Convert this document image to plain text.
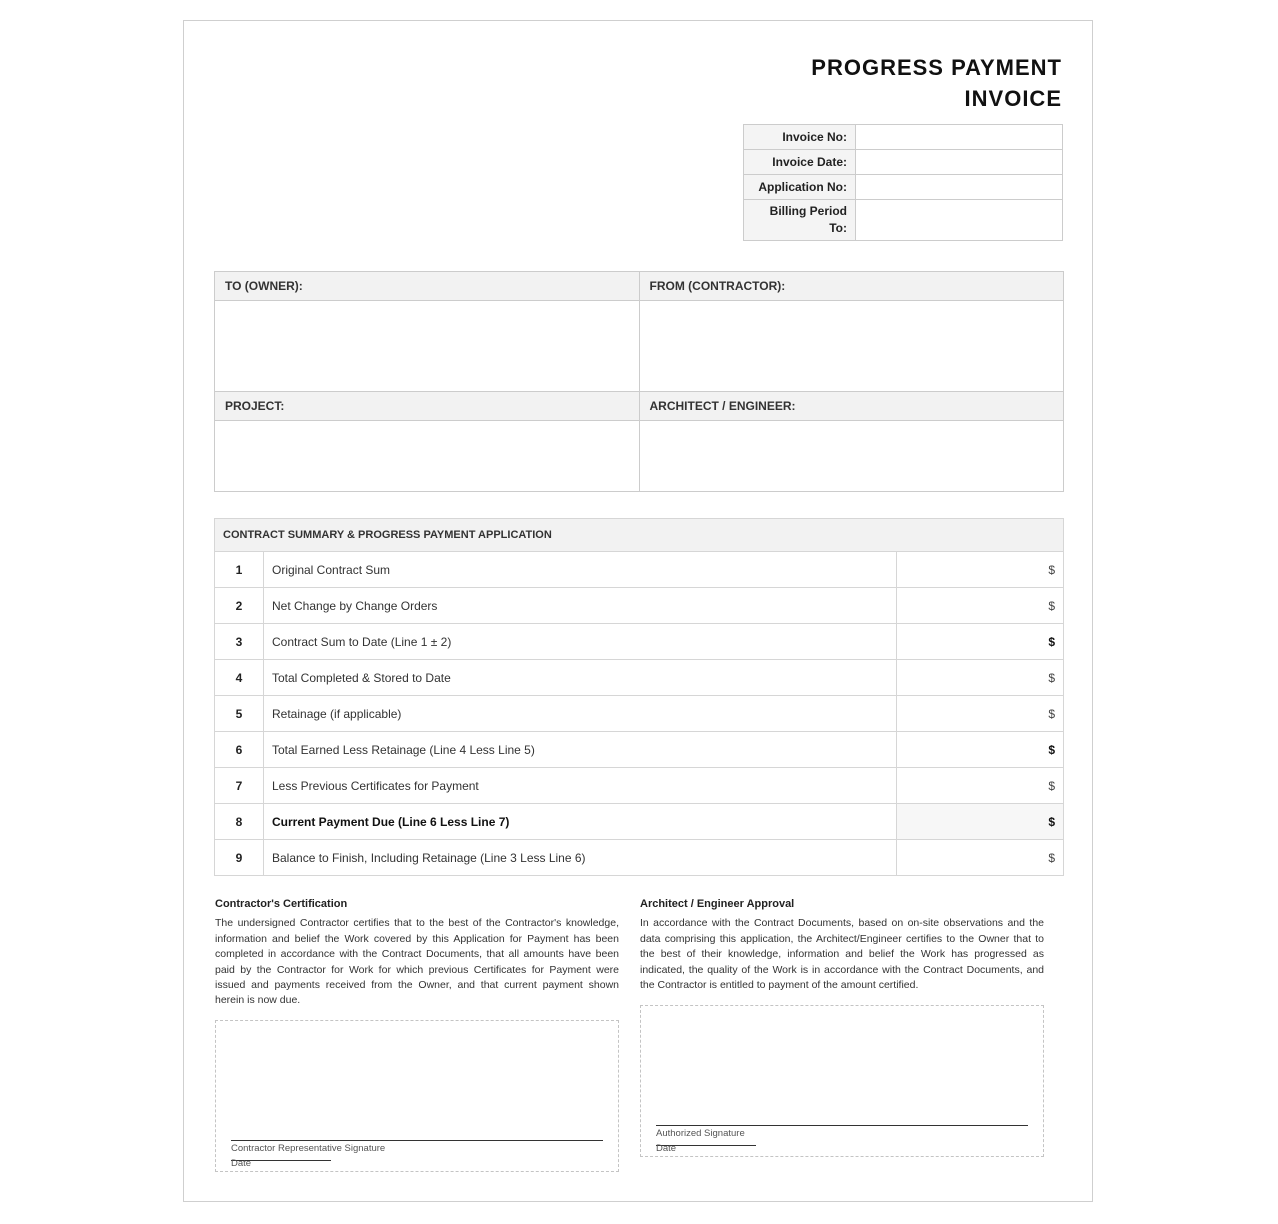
PROGRESS PAYMENT
INVOICE
Invoice No:	
Invoice Date:	
Application No:	

Billing Period
To:	

TO (OWNER):	FROM (CONTRACTOR):

PROJECT:	ARCHITECT / ENGINEER:

CONTRACT SUMMARY & PROGRESS PAYMENT APPLICATION		
1	Original Contract Sum	$
2	Net Change by Change Orders	$
3	Contract Sum to Date (Line 1 ± 2)	$
4	Total Completed & Stored to Date	$
5	Retainage (if applicable)	$
6	Total Earned Less Retainage (Line 4 Less Line 5)	$
7	Less Previous Certificates for Payment	$
8	Current Payment Due (Line 6 Less Line 7)	$
9	Balance to Finish, Including Retainage (Line 3 Less Line 6)	$
Contractor's Certification

The undersigned Contractor certifies that to the best of the Contractor's knowledge, information and belief the Work covered by this Application for Payment has been completed in accordance with the Contract Documents, that all amounts have been paid by the Contractor for Work for which previous Certificates for Payment were issued and payments received from the Owner, and that current payment shown herein is now due.

Contractor Representative Signature
Date
Architect / Engineer Approval

In accordance with the Contract Documents, based on on-site observations and the data comprising this application, the Architect/Engineer certifies to the Owner that to the best of their knowledge, information and belief the Work has progressed as indicated, the quality of the Work is in accordance with the Contract Documents, and the Contractor is entitled to payment of the amount certified.

Authorized Signature
Date
